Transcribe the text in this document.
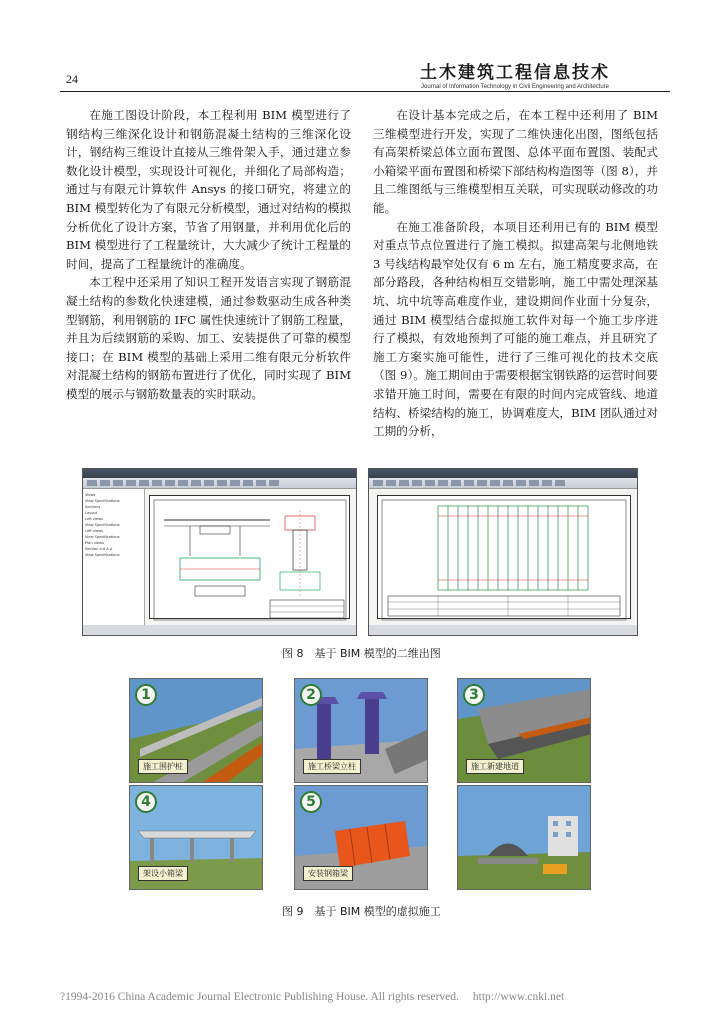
24	土木建筑工程信息技术
Journal of Information Technology in Civil Engineering and Architecture

在施工图设计阶段，本工程利用 BIM 模型进行了钢结构三维深化设计和钢筋混凝土结构的三维深化设计，钢结构三维设计直接从三维骨架入手，通过建立参数化设计模型，实现设计可视化，并细化了局部构造；通过与有限元计算软件 Ansys 的接口研究，将建立的 BIM 模型转化为了有限元分析模型，通过对结构的模拟分析优化了设计方案，节省了用钢量，并利用优化后的 BIM 模型进行了工程量统计，大大减少了统计工程量的时间，提高了工程量统计的准确度。

本工程中还采用了知识工程开发语言实现了钢筋混凝土结构的参数化快速建模，通过参数驱动生成各种类型钢筋，利用钢筋的 IFC 属性快速统计了钢筋工程量，并且为后续钢筋的采购、加工、安装提供了可靠的模型接口；在 BIM 模型的基础上采用二维有限元分析软件对混凝土结构的钢筋布置进行了优化，同时实现了 BIM 模型的展示与钢筋数量表的实时联动。

在设计基本完成之后，在本工程中还利用了 BIM 三维模型进行开发，实现了二维快速化出图，图纸包括有高架桥梁总体立面布置图、总体平面布置图、装配式小箱梁平面布置图和桥梁下部结构构造图等（图 8），并且二维图纸与三维模型相互关联，可实现联动修改的功能。

在施工准备阶段，本项目还利用已有的 BIM 模型对重点节点位置进行了施工模拟。拟建高架与北侧地铁 3 号线结构最窄处仅有 6 m 左右，施工精度要求高，在部分路段，各种结构相互交错影响，施工中需处理深基坑、坑中坑等高难度作业，建设期间作业面十分复杂，通过 BIM 模型结合虚拟施工软件对每一个施工步序进行了模拟，有效地预判了可能的施工难点，并且研究了施工方案实施可能性，进行了三维可视化的技术交底（图 9）。施工期间由于需要根据宝钢铁路的运营时间要求错开施工时间，需要在有限的时间内完成管线、地道结构、桥梁结构的施工，协调难度大，BIM 团队通过对工期的分析，

Views
View Specifications
Sections
Layout
Left views
View Specifications
Left views
View Specifications
Plan views
Section cut A-A
View Specifications
图 8　基于 BIM 模型的二维出图
1
施工围护桩
2
施工桥梁立柱
3
施工新建地道
4
架设小箱梁
5
安装钢箱梁
图 9　基于 BIM 模型的虚拟施工
?1994-2016 China Academic Journal Electronic Publishing House. All rights reserved. http://www.cnki.net
